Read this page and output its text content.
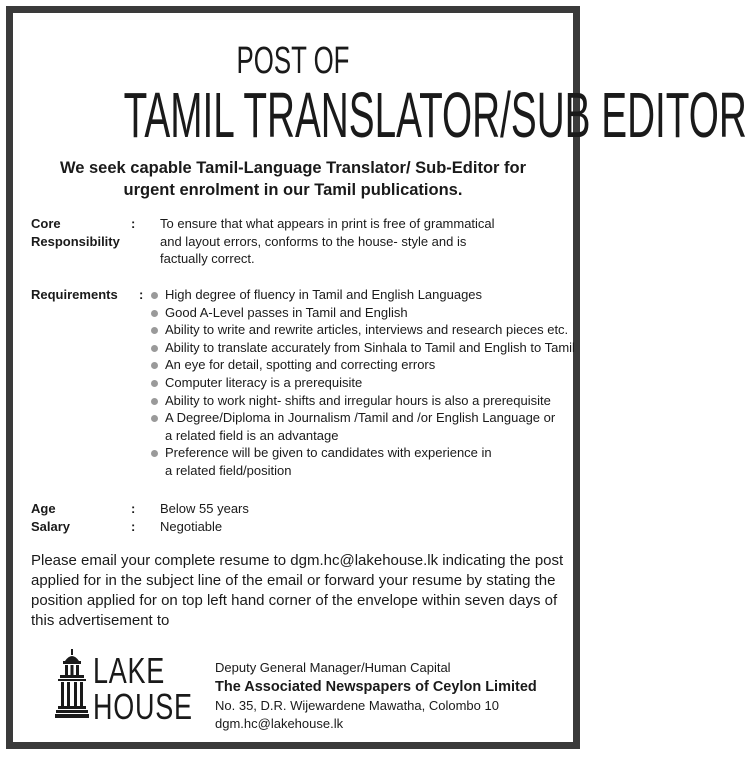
POST OF
TAMIL TRANSLATOR/SUB EDITOR
We seek capable Tamil-Language Translator/ Sub-Editor for
urgent enrolment in our Tamil publications.
Core
Responsibility
: To ensure that what appears in print is free of grammatical
and layout errors, conforms to the house- style and is
factually correct.
Requirements : High degree of fluency in Tamil and English Languages
Good A-Level passes in Tamil and English
Ability to write and rewrite articles, interviews and research pieces etc.
Ability to translate accurately from Sinhala to Tamil and English to Tamil
An eye for detail, spotting and correcting errors
Computer literacy is a prerequisite
Ability to work night- shifts and irregular hours is also a prerequisite
A Degree/Diploma in Journalism /Tamil and /or English Language or
a related field is an advantage
Preference will be given to candidates with experience in
a related field/position
Age	: Below 55 years
Salary	: Negotiable
Please email your complete resume to dgm.hc@lakehouse.lk indicating the post
applied for in the subject line of the email or forward your resume by stating the
position applied for on top left hand corner of the envelope within seven days of
this advertisement to
LAKE
HOUSE
Deputy General Manager/Human Capital
The Associated Newspapers of Ceylon Limited
No. 35, D.R. Wijewardene Mawatha, Colombo 10
dgm.hc@lakehouse.lk
